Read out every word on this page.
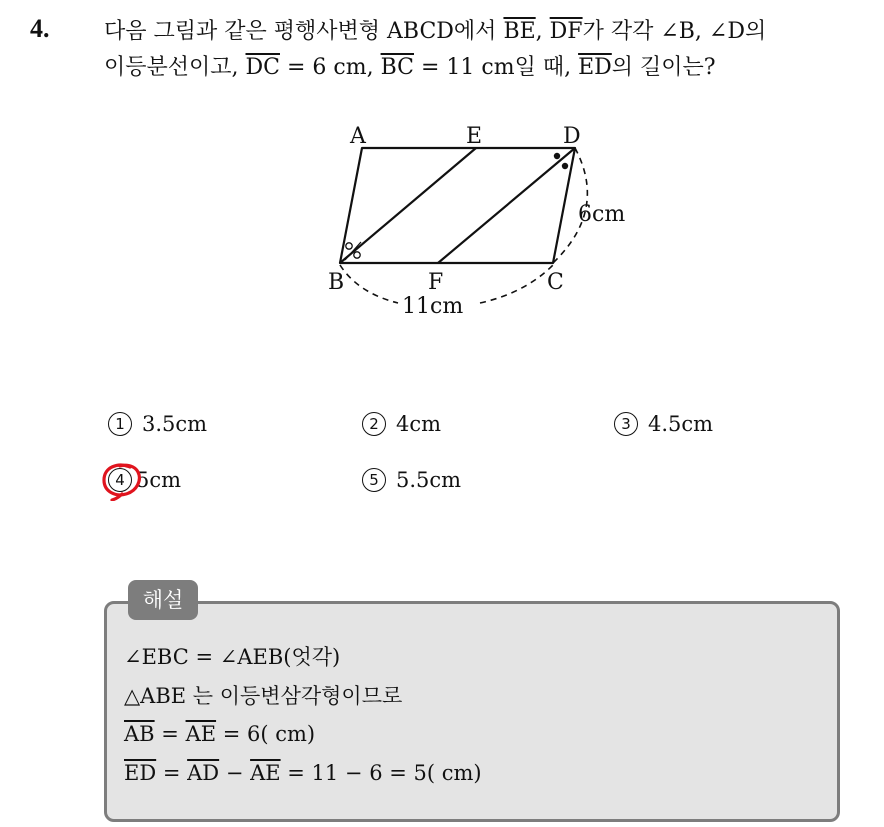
4. 다음 그림과 같은 평행사변형 ABCD에서 $\overline{BE}$, $\overline{DF}$가 각각 ∠B, ∠D의
이등분선이고, $\overline{DC} = 6$ cm, $\overline{BC} = 11$ cm일 때, $\overline{ED}$의 길이는?
A	E	D
B	F	C
6cm
11cm
1 3.5cm	2 4cm	3 4.5cm
4 5cm	5 5.5cm
해설
∠EBC = ∠AEB(엇각)
△ABE 는 이등변삼각형이므로
$\overline{AB} = \overline{AE} = 6$( cm)
$\overline{ED} = \overline{AD} - \overline{AE} = 11 - 6 = 5$( cm)
